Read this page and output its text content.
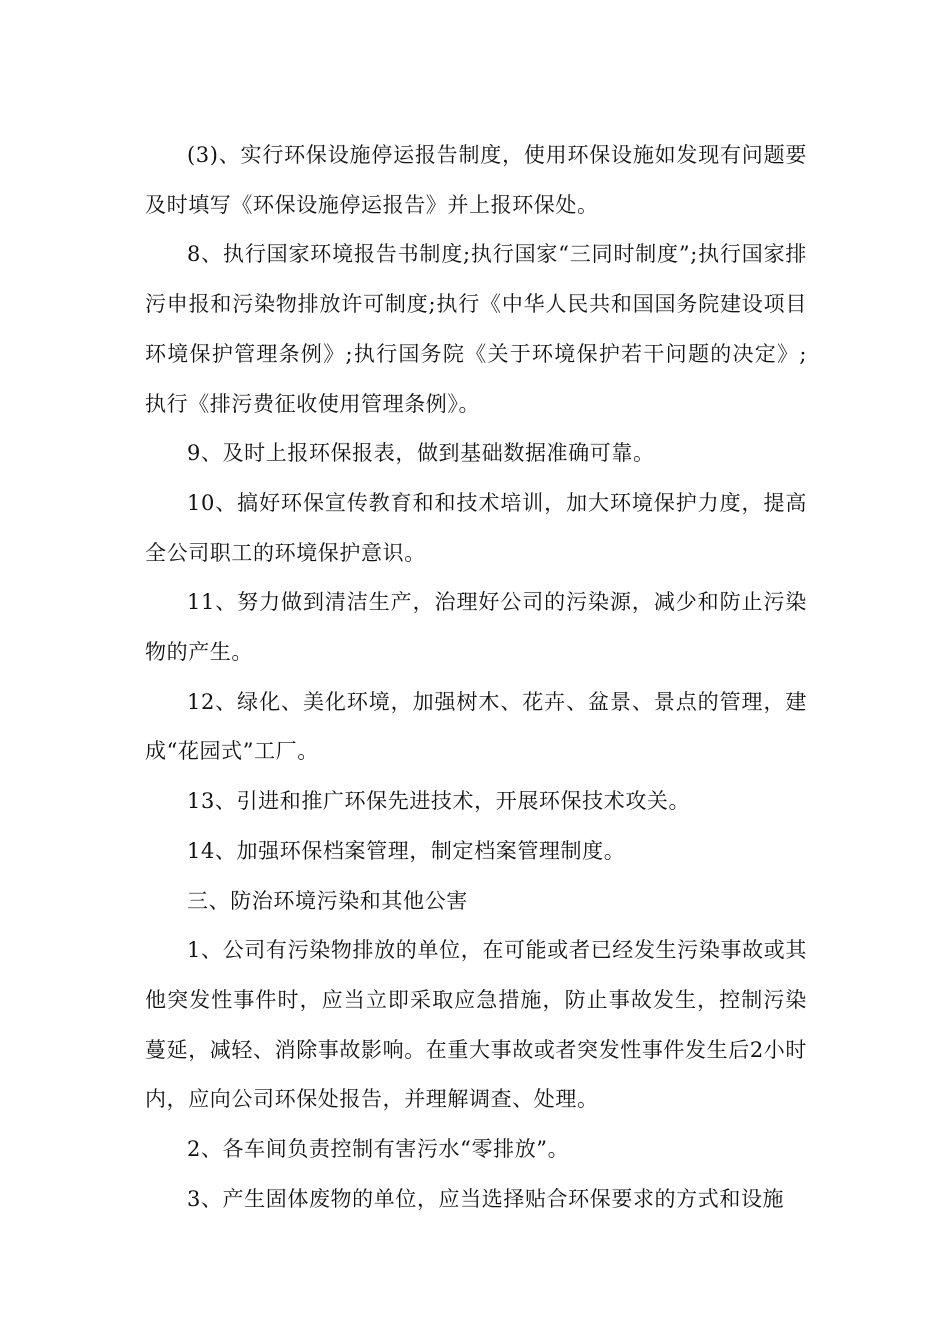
(3)、实行环保设施停运报告制度，使用环保设施如发现有问题要及时填写《环保设施停运报告》并上报环保处。

8、执行国家环境报告书制度;执行国家“三同时制度”;执行国家排污申报和污染物排放许可制度;执行《中华人民共和国国务院建设项目环境保护管理条例》;执行国务院《关于环境保护若干问题的决定》;执行《排污费征收使用管理条例》。

9、及时上报环保报表，做到基础数据准确可靠。

10、搞好环保宣传教育和和技术培训，加大环境保护力度，提高全公司职工的环境保护意识。

11、努力做到清洁生产，治理好公司的污染源，减少和防止污染物的产生。

12、绿化、美化环境，加强树木、花卉、盆景、景点的管理，建成“花园式”工厂。

13、引进和推广环保先进技术，开展环保技术攻关。

14、加强环保档案管理，制定档案管理制度。

三、防治环境污染和其他公害

1、公司有污染物排放的单位，在可能或者已经发生污染事故或其他突发性事件时，应当立即采取应急措施，防止事故发生，控制污染蔓延，减轻、消除事故影响。在重大事故或者突发性事件发生后2小时内，应向公司环保处报告，并理解调查、处理。

2、各车间负责控制有害污水“零排放”。

3、产生固体废物的单位，应当选择贴合环保要求的方式和设施
